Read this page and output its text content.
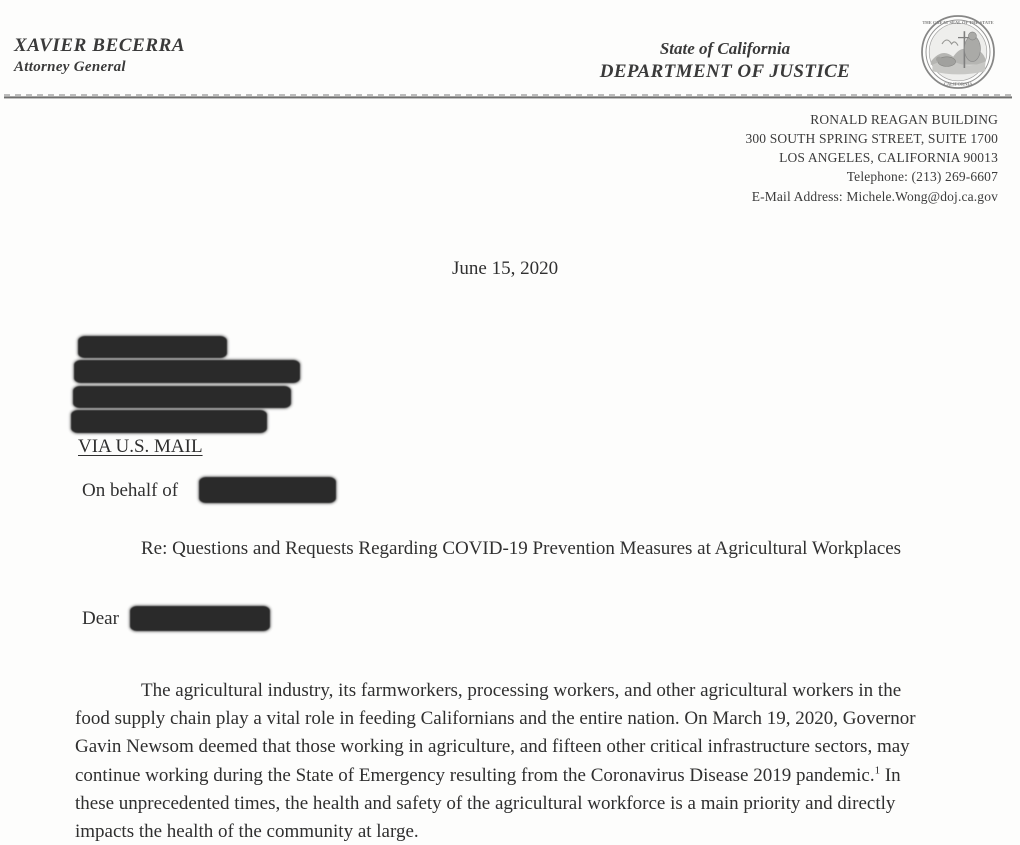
XAVIER BECERRA
Attorney General
State of California
DEPARTMENT OF JUSTICE
THE GREAT SEAL OF THE STATE
CALIFORNIA
RONALD REAGAN BUILDING
300 SOUTH SPRING STREET, SUITE 1700
LOS ANGELES, CALIFORNIA 90013
Telephone: (213) 269-6607
E-Mail Address: Michele.Wong@doj.ca.gov
June 15, 2020
VIA U.S. MAIL
On behalf of
Re: Questions and Requests Regarding COVID-19 Prevention Measures at Agricultural Workplaces
Dear

The agricultural industry, its farmworkers, processing workers, and other agricultural workers in the food supply chain play a vital role in feeding Californians and the entire nation. On March 19, 2020, Governor Gavin Newsom deemed that those working in agriculture, and fifteen other critical infrastructure sectors, may continue working during the State of Emergency resulting from the Coronavirus Disease 2019 pandemic.$^1$ In these unprecedented times, the health and safety of the agricultural workforce is a main priority and directly impacts the health of the community at large.
